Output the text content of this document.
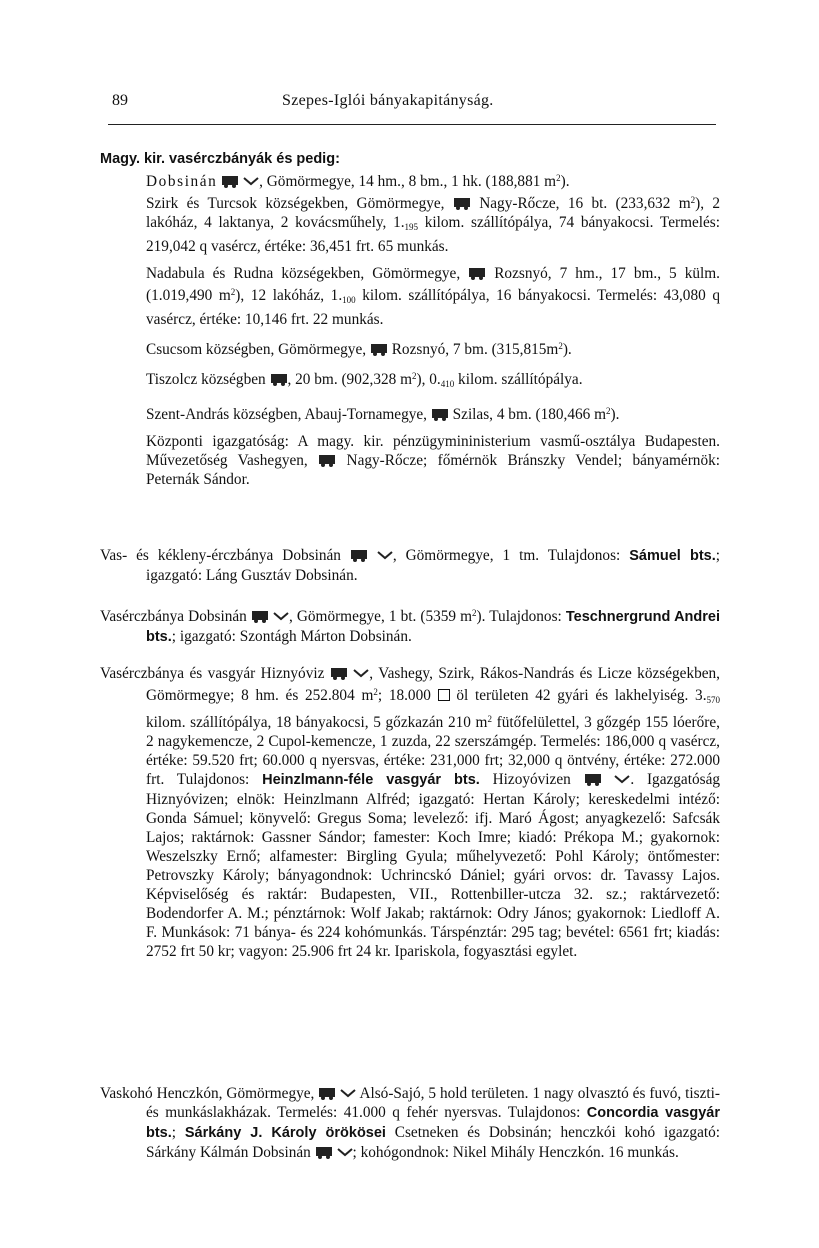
89	Szepes-Iglói bányakapitányság.

Magy. kir. vasérczbányák és pedig:

Dobsinán	, Gömörmegye, 14 hm., 8 bm., 1 hk. (188,881 $m^2$).

Szirk és Turcsok községekben, Gömörmegye, Nagy-Rőcze, 16 bt. (233,632 $m^2$), 2 lakóház, 4 laktanya, 2 kovácsműhely, $1._{195}$ kilom. szállítópálya, 74 bányakocsi. Termelés: 219,042 q vasércz, értéke: 36,451 frt. 65 munkás.

Nadabula és Rudna községekben, Gömörmegye, Rozsnyó, 7 hm., 17 bm., 5 külm. (1.019,490 $m^2$), 12 lakóház, $1._{100}$ kilom. szállítópálya, 16 bányakocsi. Termelés: 43,080 q vasércz, értéke: 10,146 frt. 22 munkás.

Csucsom községben, Gömörmegye, Rozsnyó, 7 bm. $(315,815m^2)$.

Tiszolcz községben , 20 bm. (902,328 $m^2$), $0._{410}$ kilom. szállítópálya.

Szent-András községben, Abauj-Tornamegye, Szilas, 4 bm. (180,466 $m^2$).

Központi igazgatóság: A magy. kir. pénzügymininisterium vasmű-osztálya Budapesten. Művezetőség Vashegyen,	Nagy-Rőcze; főmérnök Bránszky Vendel; bányamérnök: Peternák Sándor.

Vas- és kékleny-érczbánya Dobsinán	, Gömörmegye, 1 tm. Tulajdonos: Sámuel bts.; igazgató: Láng Gusztáv Dobsinán.

Vasérczbánya Dobsinán	, Gömörmegye, 1 bt. (5359 $m^2$). Tulajdonos: Teschnergrund Andrei bts.; igazgató: Szontágh Márton Dobsinán.

Vasérczbánya és vasgyár Hiznyóviz	, Vashegy, Szirk, Rákos-Nandrás és Licze községekben, Gömörmegye; 8 hm. és 252.804 $m^2$; 18.000 öl területen 42 gyári és lakhelyiség. $3._{570}$ kilom. szállítópálya, 18 bányakocsi, 5 gőzkazán 210 $m^2$ fütőfelülettel, 3 gőzgép 155 lóerőre, 2 nagykemencze, 2 Cupol-kemencze, 1 zuzda, 22 szerszámgép. Termelés: 186,000 q vasércz, értéke: 59.520 frt; 60.000 q nyersvas, értéke: 231,000 frt; 32,000 q öntvény, értéke: 272.000 frt. Tulajdonos: Heinzlmann-féle vasgyár bts. Hizoyóvizen	. Igazgatóság Hiznyóvizen; elnök: Heinzlmann Alfréd; igazgató: Hertan Károly; kereskedelmi intéző: Gonda Sámuel; könyvelő: Gregus Soma; levelező: ifj. Maró Ágost; anyagkezelő: Safcsák Lajos; raktárnok: Gassner Sándor; famester: Koch Imre; kiadó: Prékopa M.; gyakornok: Weszelszky Ernő; alfamester: Birgling Gyula; műhelyvezető: Pohl Károly; öntőmester: Petrovszky Károly; bányagondnok: Uchrincskó Dániel; gyári orvos: dr. Tavassy Lajos. Képviselőség és raktár: Budapesten, VII., Rottenbiller-utcza 32. sz.; raktárvezető: Bodendorfer A. M.; pénztárnok: Wolf Jakab; raktárnok: Odry János; gyakornok: Liedloff A. F. Munkások: 71 bánya- és 224 kohómunkás. Társpénztár: 295 tag; bevétel: 6561 frt; kiadás: 2752 frt 50 kr; vagyon: 25.906 frt 24 kr. Ipariskola, fogyasztási egylet.

Vaskohó Henczkón, Gömörmegye,	Alsó-Sajó, 5 hold területen. 1 nagy olvasztó és fuvó, tiszti- és munkáslakházak. Termelés: 41.000 q fehér nyersvas. Tulajdonos: Concordia vasgyár bts.; Sárkány J. Károly örökösei Csetneken és Dobsinán; henczkói kohó igazgató: Sárkány Kálmán Dobsinán	; kohógondnok: Nikel Mihály Henczkón. 16 munkás.
